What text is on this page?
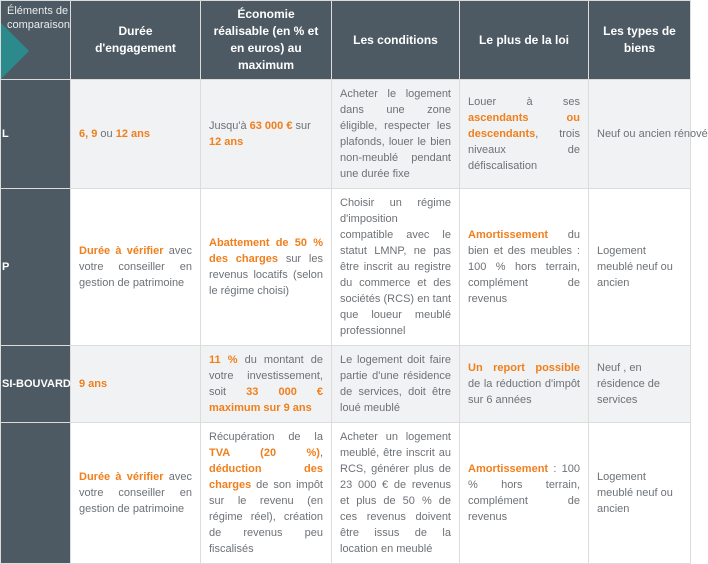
Éléments de comparaison	Durée d'engagement	Économie réalisable (en % et en euros) au maximum	Les conditions	Le plus de la loi	Les types de biens
L	6, 9 ou 12 ans	Jusqu'à 63 000 € sur 12 ans	Acheter le logement dans une zone éligible, respecter les plafonds, louer le bien non-meublé pendant une durée fixe	Louer à ses ascendants ou descendants, trois niveaux de défiscalisation	Neuf ou ancien rénové
P	Durée à vérifier avec votre conseiller en gestion de patrimoine	Abattement de 50 % des charges sur les revenus locatifs (selon le régime choisi)	Choisir un régime d'imposition compatible avec le statut LMNP, ne pas être inscrit au registre du commerce et des sociétés (RCS) en tant que loueur meublé professionnel	Amortissement du bien et des meubles : 100 % hors terrain, complément de revenus	Logement meublé neuf ou ancien
SI-BOUVARD	9 ans	11 % du montant de votre investissement, soit 33 000 € maximum sur 9 ans	Le logement doit faire partie d'une résidence de services, doit être loué meublé	Un report possible de la réduction d'impôt sur 6 années	Neuf , en résidence de services
	Durée à vérifier avec votre conseiller en gestion de patrimoine	Récupération de la TVA (20 %), déduction des charges de son impôt sur le revenu (en régime réel), création de revenus peu fiscalisés	Acheter un logement meublé, être inscrit au RCS, générer plus de 23 000 € de revenus et plus de 50 % de ces revenus doivent être issus de la location en meublé	Amortissement : 100 % hors terrain, complément de revenus	Logement meublé neuf ou ancien
